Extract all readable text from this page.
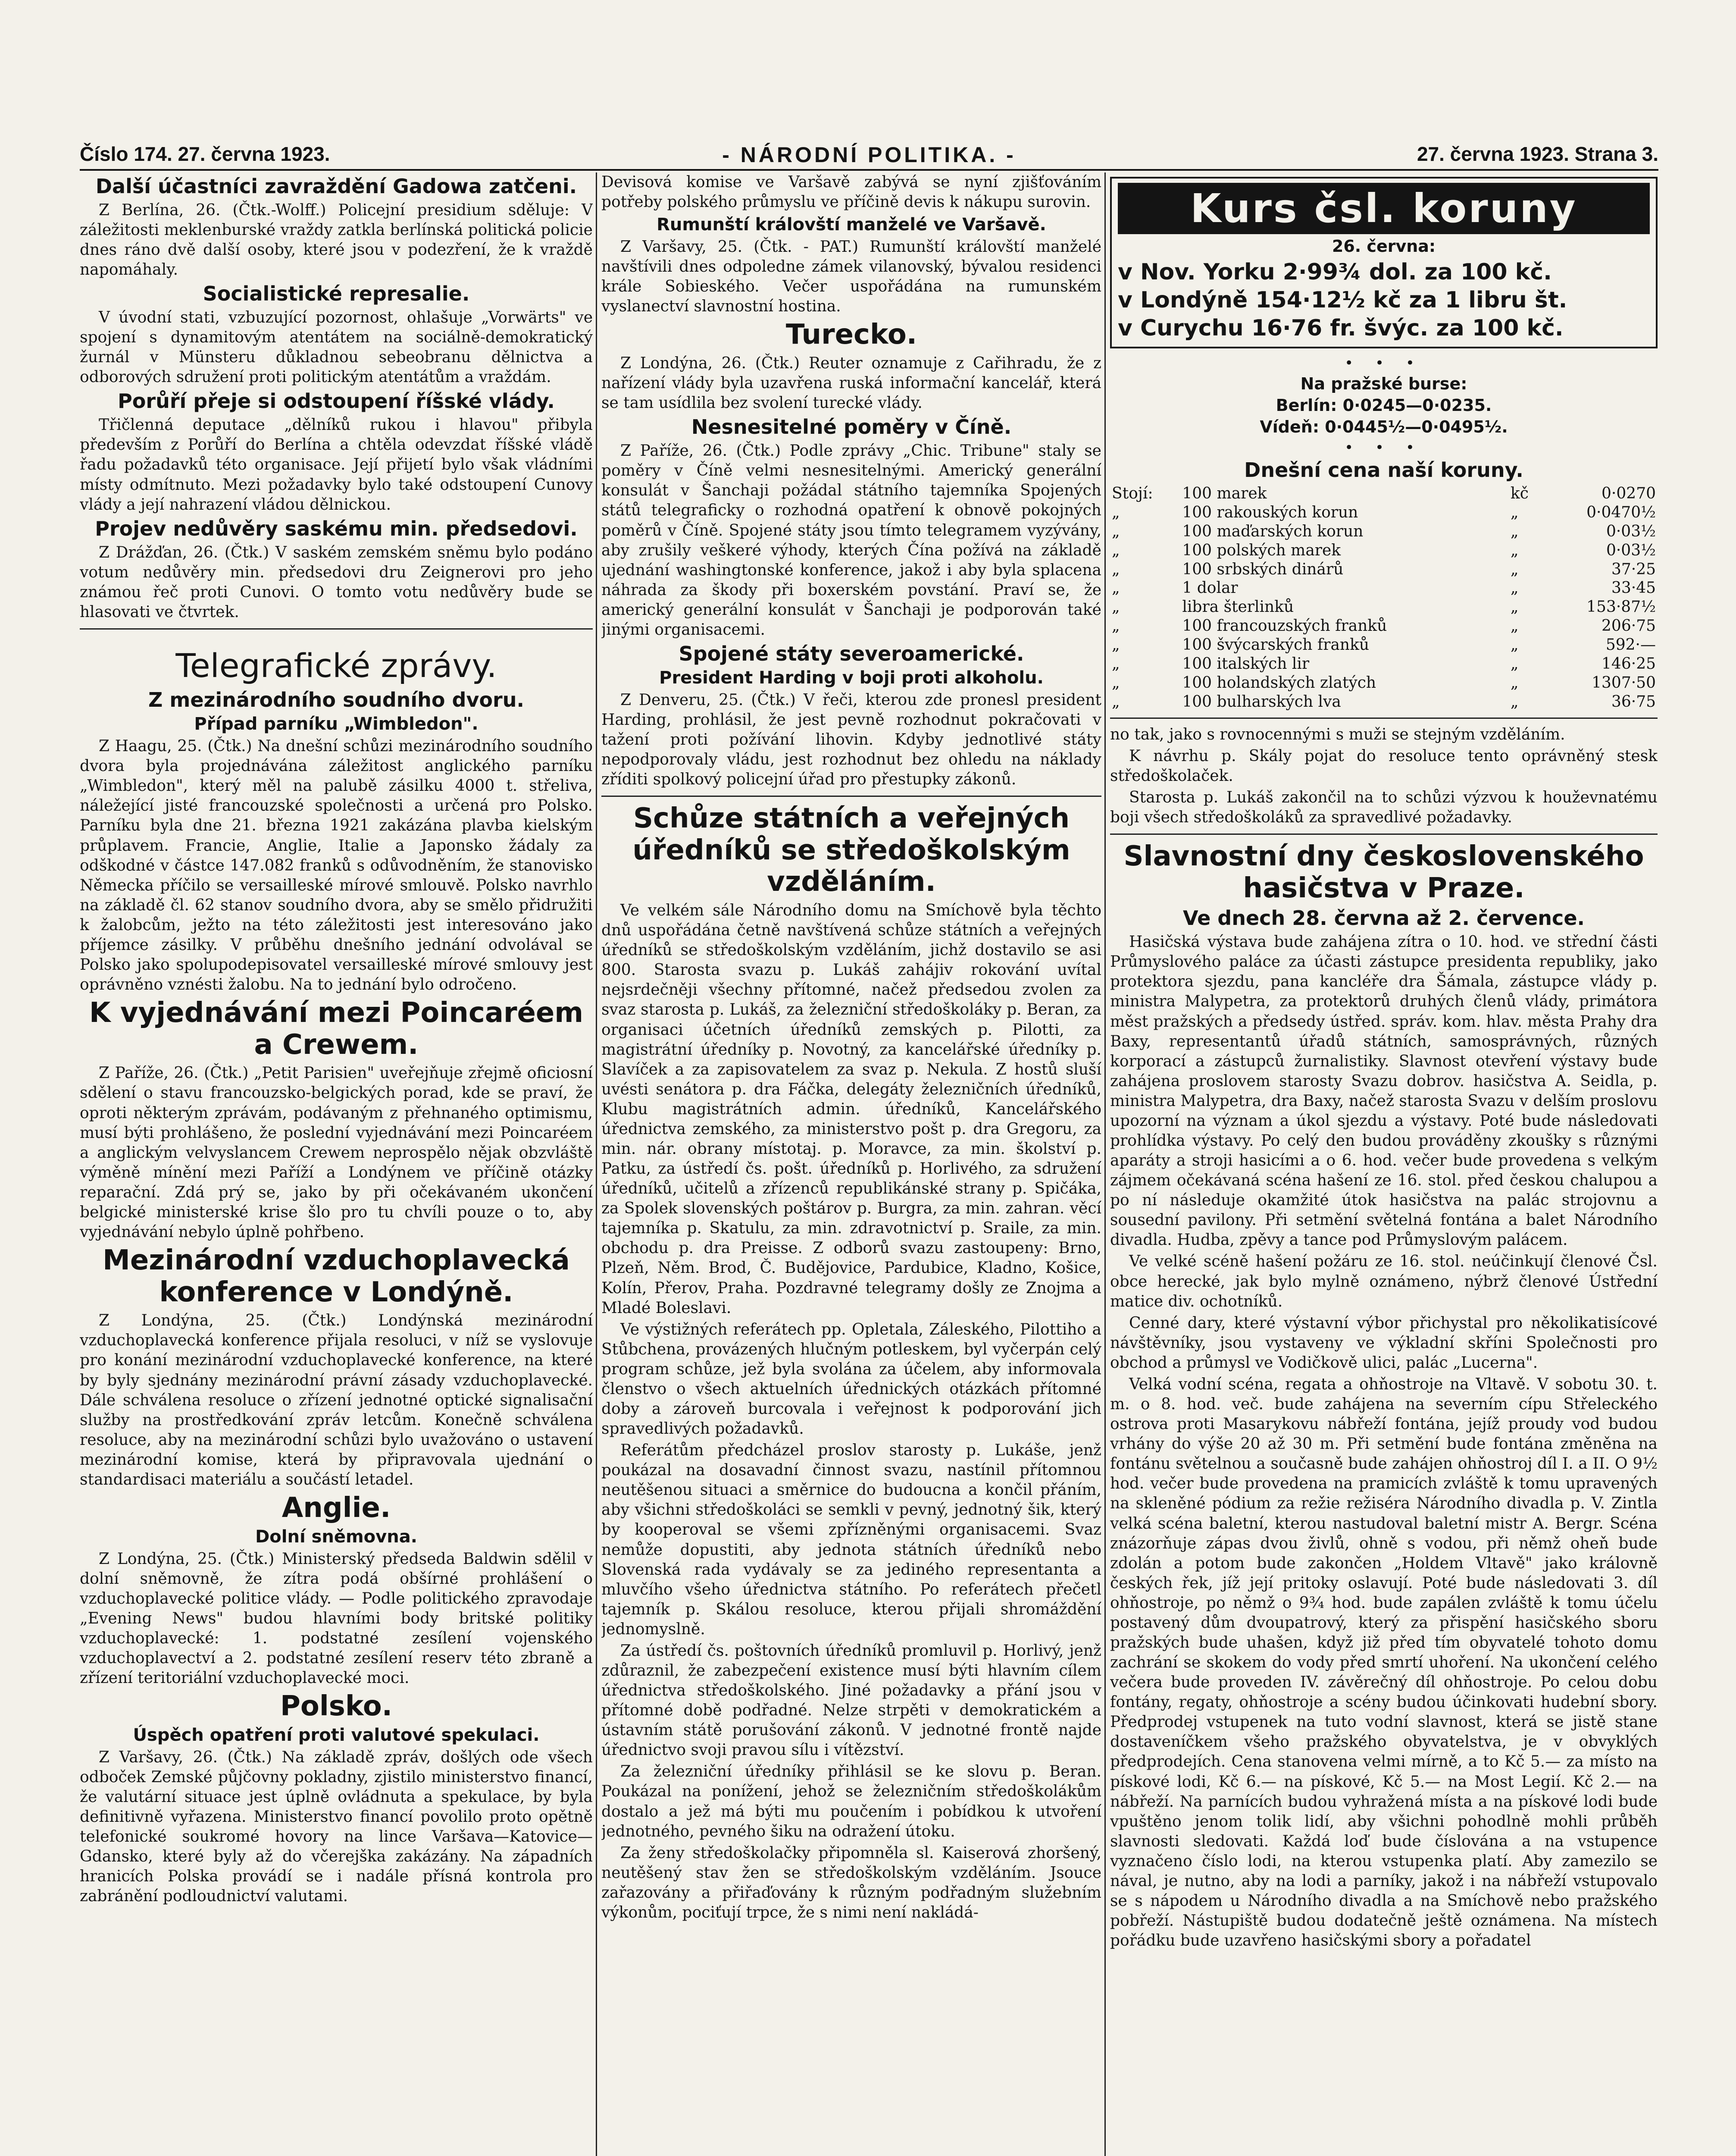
Číslo 174. 27. června 1923.	- NÁRODNÍ POLITIKA. -	27. června 1923. Strana 3.
Další účastníci zavraždění Gadowa zatčeni.

Z Berlína, 26. (Čtk.-Wolff.) Policejní presidium sděluje: V záležitosti meklenburské vraždy zatkla berlínská politická policie dnes ráno dvě další osoby, které jsou v podezření, že k vraždě napomáhaly.

Socialistické represalie.

V úvodní stati, vzbuzující pozornost, ohlašuje „Vorwärts" ve spojení s dynamitovým atentátem na sociálně-demokratický žurnál v Münsteru důkladnou sebeobranu dělnictva a odborových sdružení proti politickým atentátům a vraždám.

Porůří přeje si odstoupení říšské vlády.

Třičlenná deputace „dělníků rukou i hlavou" přibyla především z Porůří do Berlína a chtěla odevzdat říšské vládě řadu požadavků této organisace. Její přijetí bylo však vládními místy odmítnuto. Mezi požadavky bylo také odstoupení Cunovy vlády a její nahrazení vládou dělnickou.

Projev nedůvěry saskému min. předsedovi.

Z Drážďan, 26. (Čtk.) V saském zemském sněmu bylo podáno votum nedůvěry min. předsedovi dru Zeignerovi pro jeho známou řeč proti Cunovi. O tomto votu nedůvěry bude se hlasovati ve čtvrtek.

Telegrafické zprávy.
Z mezinárodního soudního dvoru.
Případ parníku „Wimbledon".

Z Haagu, 25. (Čtk.) Na dnešní schůzi mezinárodního soudního dvora byla projednávána záležitost anglického parníku „Wimbledon", který měl na palubě zásilku 4000 t. střeliva, náležející jisté francouzské společnosti a určená pro Polsko. Parníku byla dne 21. března 1921 zakázána plavba kielským průplavem. Francie, Anglie, Italie a Japonsko žádaly za odškodné v částce 147.082 franků s odůvodněním, že stanovisko Německa příčilo se versailleské mírové smlouvě. Polsko navrhlo na základě čl. 62 stanov soudního dvora, aby se smělo přidružiti k žalobcům, ježto na této záležitosti jest interesováno jako příjemce zásilky. V průběhu dnešního jednání odvolával se Polsko jako spolupodepisovatel versailleské mírové smlouvy jest oprávněno vznésti žalobu. Na to jednání bylo odročeno.

K vyjednávání mezi Poincaréem a Crewem.

Z Paříže, 26. (Čtk.) „Petit Parisien" uveřejňuje zřejmě oficiosní sdělení o stavu francouzsko-belgických porad, kde se praví, že oproti některým zprávám, podávaným z přehnaného optimismu, musí býti prohlášeno, že poslední vyjednávání mezi Poincaréem a anglickým velvyslancem Crewem neprospělo nějak obzvláště výměně mínění mezi Paříží a Londýnem ve příčině otázky reparační. Zdá prý se, jako by při očekávaném ukončení belgické ministerské krise šlo pro tu chvíli pouze o to, aby vyjednávání nebylo úplně pohřbeno.

Mezinárodní vzduchoplavecká konference v Londýně.

Z Londýna, 25. (Čtk.) Londýnská mezinárodní vzduchoplavecká konference přijala resoluci, v níž se vyslovuje pro konání mezinárodní vzduchoplavecké konference, na které by byly sjednány mezinárodní právní zásady vzduchoplavecké. Dále schválena resoluce o zřízení jednotné optické signalisační služby na prostředkování zpráv letcům. Konečně schválena resoluce, aby na mezinárodní schůzi bylo uvažováno o ustavení mezinárodní komise, která by připravovala ujednání o standardisaci materiálu a součástí letadel.

Anglie.
Dolní sněmovna.

Z Londýna, 25. (Čtk.) Ministerský předseda Baldwin sdělil v dolní sněmovně, že zítra podá obšírné prohlášení o vzduchoplavecké politice vlády. — Podle politického zpravodaje „Evening News" budou hlavními body britské politiky vzduchoplavecké: 1. podstatné zesílení vojenského vzduchoplavectví a 2. podstatné zesílení reserv této zbraně a zřízení teritoriální vzduchoplavecké moci.

Polsko.
Úspěch opatření proti valutové spekulaci.

Z Varšavy, 26. (Čtk.) Na základě zpráv, došlých ode všech odboček Zemské půjčovny pokladny, zjistilo ministerstvo financí, že valutární situace jest úplně ovládnuta a spekulace, by byla definitivně vyřazena. Ministerstvo financí povolilo proto opětně telefonické soukromé hovory na lince Varšava—Katovice—Gdansko, které byly až do včerejška zakázány. Na západních hranicích Polska provádí se i nadále přísná kontrola pro zabránění podloudnictví valutami.

Devisová komise ve Varšavě zabývá se nyní zjišťováním potřeby polského průmyslu ve příčině devis k nákupu surovin.

Rumunští královští manželé ve Varšavě.

Z Varšavy, 25. (Čtk. - PAT.) Rumunští královští manželé navštívili dnes odpoledne zámek vilanovský, bývalou residenci krále Sobieského. Večer uspořádána na rumunském vyslanectví slavnostní hostina.

Turecko.

Z Londýna, 26. (Čtk.) Reuter oznamuje z Cařihradu, že z nařízení vlády byla uzavřena ruská informační kancelář, která se tam usídlila bez svolení turecké vlády.

Nesnesitelné poměry v Číně.

Z Paříže, 26. (Čtk.) Podle zprávy „Chic. Tribune" staly se poměry v Číně velmi nesnesitelnými. Americký generální konsulát v Šanchaji požádal státního tajemníka Spojených států telegraficky o rozhodná opatření k obnově pokojných poměrů v Číně. Spojené státy jsou tímto telegramem vyzývány, aby zrušily veškeré výhody, kterých Čína požívá na základě ujednání washingtonské konference, jakož i aby byla splacena náhrada za škody při boxerském povstání. Praví se, že americký generální konsulát v Šanchaji je podporován také jinými organisacemi.

Spojené státy severoamerické.
President Harding v boji proti alkoholu.

Z Denveru, 25. (Čtk.) V řeči, kterou zde pronesl president Harding, prohlásil, že jest pevně rozhodnut pokračovati v tažení proti požívání lihovin. Kdyby jednotlivé státy nepodporovaly vládu, jest rozhodnut bez ohledu na náklady zříditi spolkový policejní úřad pro přestupky zákonů.

Schůze státních a veřejných úředníků se středoškolským vzděláním.

Ve velkém sále Národního domu na Smíchově byla těchto dnů uspořádána četně navštívená schůze státních a veřejných úředníků se středoškolským vzděláním, jichž dostavilo se asi 800. Starosta svazu p. Lukáš zahájiv rokování uvítal nejsrdečněji všechny přítomné, načež předsedou zvolen za svaz starosta p. Lukáš, za železniční středoškoláky p. Beran, za organisaci účetních úředníků zemských p. Pilotti, za magistrátní úředníky p. Novotný, za kancelářské úředníky p. Slavíček a za zapisovatelem za svaz p. Nekula. Z hostů sluší uvésti senátora p. dra Fáčka, delegáty železničních úředníků, Klubu magistrátních admin. úředníků, Kancelářského úřednictva zemského, za ministerstvo pošt p. dra Gregoru, za min. nár. obrany místotaj. p. Moravce, za min. školství p. Patku, za ústředí čs. pošt. úředníků p. Horlivého, za sdružení úředníků, učitelů a zřízenců republikánské strany p. Spičáka, za Spolek slovenských poštárov p. Burgra, za min. zahran. věcí tajemníka p. Skatulu, za min. zdravotnictví p. Sraile, za min. obchodu p. dra Preisse. Z odborů svazu zastoupeny: Brno, Plzeň, Něm. Brod, Č. Budějovice, Pardubice, Kladno, Košice, Kolín, Přerov, Praha. Pozdravné telegramy došly ze Znojma a Mladé Boleslavi.

Ve výstižných referátech pp. Opletala, Záleského, Pilottiho a Stůbchena, provázených hlučným potleskem, byl vyčerpán celý program schůze, jež byla svolána za účelem, aby informovala členstvo o všech aktuelních úřednických otázkách přítomné doby a zároveň burcovala i veřejnost k podporování jich spravedlivých požadavků.

Referátům předcházel proslov starosty p. Lukáše, jenž poukázal na dosavadní činnost svazu, nastínil přítomnou neutěšenou situaci a směrnice do budoucna a končil přáním, aby všichni středoškoláci se semkli v pevný, jednotný šik, který by kooperoval se všemi zpřízněnými organisacemi. Svaz nemůže dopustiti, aby jednota státních úředníků nebo Slovenská rada vydávaly se za jediného representanta a mluvčího všeho úřednictva státního. Po referátech přečetl tajemník p. Skálou resoluce, kterou přijali shromáždění jednomyslně.

Za ústředí čs. poštovních úředníků promluvil p. Horlivý, jenž zdůraznil, že zabezpečení existence musí býti hlavním cílem úřednictva středoškolského. Jiné požadavky a přání jsou v přítomné době podřadné. Nelze strpěti v demokratickém a ústavním státě porušování zákonů. V jednotné frontě najde úřednictvo svoji pravou sílu i vítězství.

Za železniční úředníky přihlásil se ke slovu p. Beran. Poukázal na ponížení, jehož se železničním středoškolákům dostalo a jež má býti mu poučením i pobídkou k utvoření jednotného, pevného šiku na odražení útoku.

Za ženy středoškolačky připomněla sl. Kaiserová zhoršený, neutěšený stav žen se středoškolským vzděláním. Jsouce zařazovány a přiřaďovány k různým podřadným služebním výkonům, pociťují trpce, že s nimi není nakládá-

Kurs čsl. koruny
26. června:
v Nov. Yorku 2·99¾ dol. za 100 kč.
v Londýně 154·12½ kč za 1 libru št.
v Curychu 16·76 fr. švýc. za 100 kč.
• • •
Na pražské burse:
Berlín: 0·0245—0·0235.
Vídeň: 0·0445½—0·0495½.
• • •
Dnešní cena naší koruny.
Stojí:	100 marek	kč	0·0270
„	100 rakouských korun	„	0·0470½
„	100 maďarských korun	„	0·03½
„	100 polských marek	„	0·03½
„	100 srbských dinárů	„	37·25
„	1 dolar	„	33·45
„	libra šterlinků	„	153·87½
„	100 francouzských franků	„	206·75
„	100 švýcarských franků	„	592·—
„	100 italských lir	„	146·25
„	100 holandských zlatých	„	1307·50
„	100 bulharských lva	„	36·75

no tak, jako s rovnocennými s muži se stejným vzděláním.

K návrhu p. Skály pojat do resoluce tento oprávněný stesk středoškolaček.

Starosta p. Lukáš zakončil na to schůzi výzvou k houževnatému boji všech středoškoláků za spravedlivé požadavky.

Slavnostní dny československého hasičstva v Praze.
Ve dnech 28. června až 2. července.

Hasičská výstava bude zahájena zítra o 10. hod. ve střední části Průmyslového paláce za účasti zástupce presidenta republiky, jako protektora sjezdu, pana kancléře dra Šámala, zástupce vlády p. ministra Malypetra, za protektorů druhých členů vlády, primátora měst pražských a předsedy ústřed. správ. kom. hlav. města Prahy dra Baxy, representantů úřadů státních, samosprávných, různých korporací a zástupců žurnalistiky. Slavnost otevření výstavy bude zahájena proslovem starosty Svazu dobrov. hasičstva A. Seidla, p. ministra Malypetra, dra Baxy, načež starosta Svazu v delším proslovu upozorní na význam a úkol sjezdu a výstavy. Poté bude následovati prohlídka výstavy. Po celý den budou prováděny zkoušky s různými aparáty a stroji hasicími a o 6. hod. večer bude provedena s velkým zájmem očekávaná scéna hašení ze 16. stol. před českou chalupou a po ní následuje okamžité útok hasičstva na palác strojovnu a sousední pavilony. Při setmění světelná fontána a balet Národního divadla. Hudba, zpěvy a tance pod Průmyslovým palácem.

Ve velké scéně hašení požáru ze 16. stol. neúčinkují členové Čsl. obce herecké, jak bylo mylně oznámeno, nýbrž členové Ústřední matice div. ochotníků.

Cenné dary, které výstavní výbor přichystal pro několikatisícové návštěvníky, jsou vystaveny ve výkladní skříni Společnosti pro obchod a průmysl ve Vodičkově ulici, palác „Lucerna".

Velká vodní scéna, regata a ohňostroje na Vltavě. V sobotu 30. t. m. o 8. hod. več. bude zahájena na severním cípu Střeleckého ostrova proti Masarykovu nábřeží fontána, jejíž proudy vod budou vrhány do výše 20 až 30 m. Při setmění bude fontána změněna na fontánu světelnou a současně bude zahájen ohňostroj díl I. a II. O 9½ hod. večer bude provedena na pramicích zvláště k tomu upravených na skleněné pódium za režie režiséra Národního divadla p. V. Zintla velká scéna baletní, kterou nastudoval baletní mistr A. Bergr. Scéna znázorňuje zápas dvou živlů, ohně s vodou, při němž oheň bude zdolán a potom bude zakončen „Holdem Vltavě" jako královně českých řek, jíž její pritoky oslavují. Poté bude následovati 3. díl ohňostroje, po němž o 9¾ hod. bude zapálen zvláště k tomu účelu postavený dům dvoupatrový, který za přispění hasičského sboru pražských bude uhašen, když již před tím obyvatelé tohoto domu zachrání se skokem do vody před smrtí uhoření. Na ukončení celého večera bude proveden IV. závěrečný díl ohňostroje. Po celou dobu fontány, regaty, ohňostroje a scény budou účinkovati hudební sbory. Předprodej vstupenek na tuto vodní slavnost, která se jistě stane dostaveníčkem všeho pražského obyvatelstva, je v obvyklých předprodejích. Cena stanovena velmi mírně, a to Kč 5.— za místo na pískové lodi, Kč 6.— na pískové, Kč 5.— na Most Legií. Kč 2.— na nábřeží. Na parnících budou vyhražená místa a na pískové lodi bude vpuštěno jenom tolik lidí, aby všichni pohodlně mohli průběh slavnosti sledovati. Každá loď bude číslována a na vstupence vyznačeno číslo lodi, na kterou vstupenka platí. Aby zamezilo se nával, je nutno, aby na lodi a parníky, jakož i na nábřeží vstupovalo se s nápodem u Národního divadla a na Smíchově nebo pražského pobřeží. Nástupiště budou dodatečně ještě oznámena. Na místech pořádku bude uzavřeno hasičskými sbory a pořadatel
